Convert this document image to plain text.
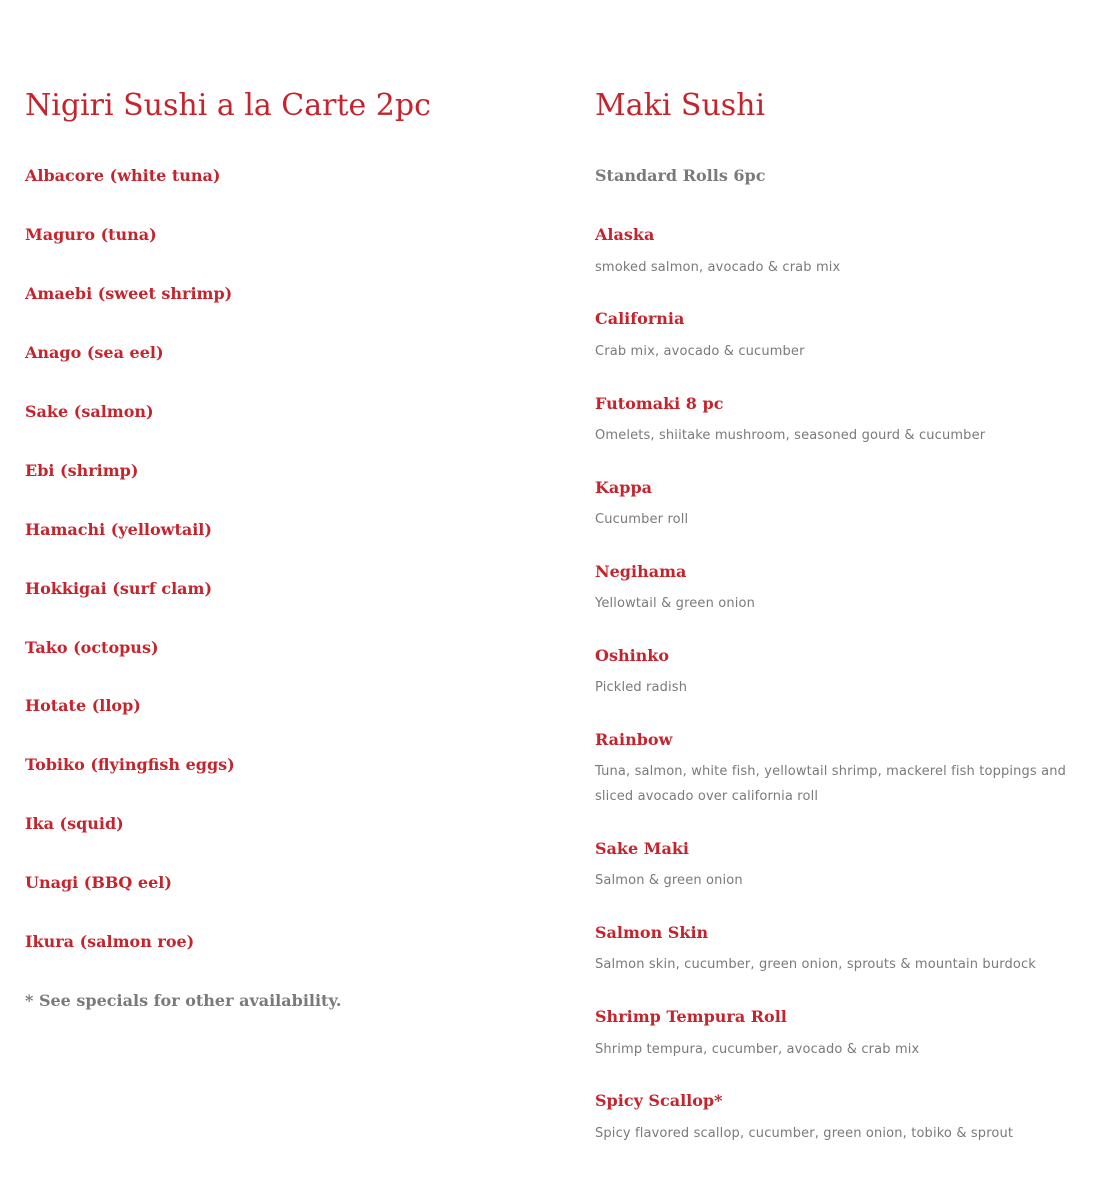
Nigiri Sushi a la Carte 2pc

Albacore (white tuna)

Maguro (tuna)

Amaebi (sweet shrimp)

Anago (sea eel)

Sake (salmon)

Ebi (shrimp)

Hamachi (yellowtail)

Hokkigai (surf clam)

Tako (octopus)

Hotate (llop)

Tobiko (flyingfish eggs)

Ika (squid)

Unagi (BBQ eel)

Ikura (salmon roe)

* See specials for other availability.

Maki Sushi

Standard Rolls 6pc

Alaska

smoked salmon, avocado & crab mix

California

Crab mix, avocado & cucumber

Futomaki 8 pc

Omelets, shiitake mushroom, seasoned gourd & cucumber

Kappa

Cucumber roll

Negihama

Yellowtail & green onion

Oshinko

Pickled radish

Rainbow

Tuna, salmon, white fish, yellowtail shrimp, mackerel fish toppings and sliced avocado over california roll

Sake Maki

Salmon & green onion

Salmon Skin

Salmon skin, cucumber, green onion, sprouts & mountain burdock

Shrimp Tempura Roll

Shrimp tempura, cucumber, avocado & crab mix

Spicy Scallop*

Spicy flavored scallop, cucumber, green onion, tobiko & sprout
